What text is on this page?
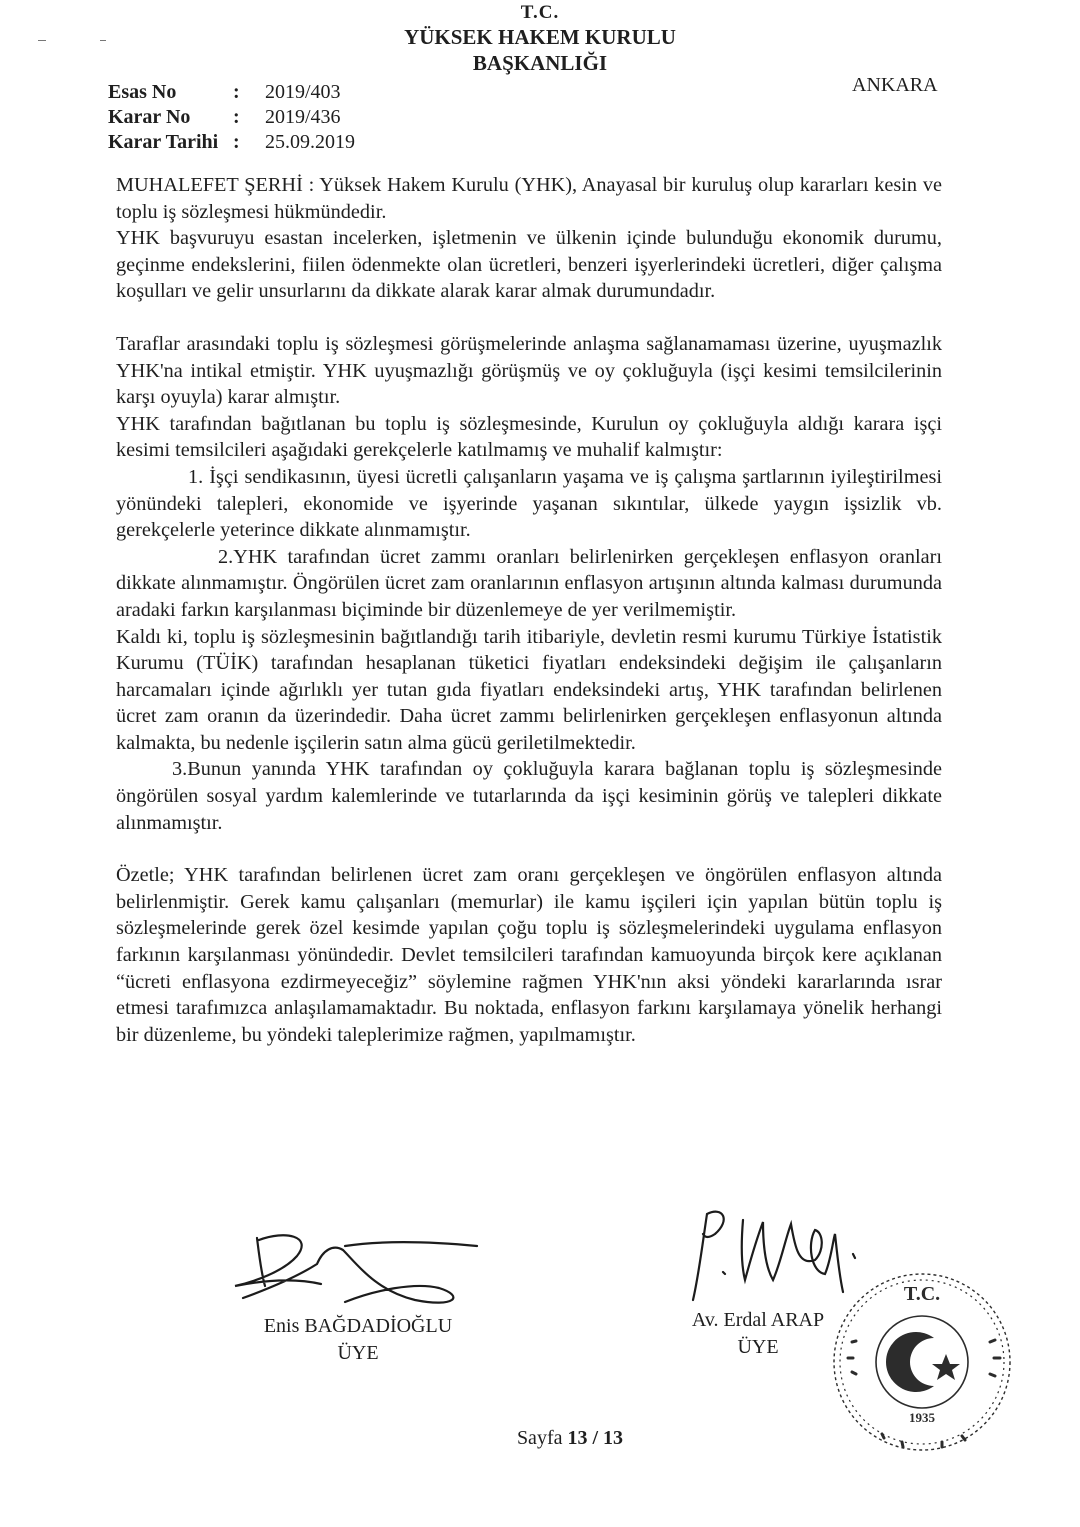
T.C.
YÜKSEK HAKEM KURULU
BAŞKANLIĞI
Esas No	:	2019/403
Karar No	:	2019/436
Karar Tarihi :	25.09.2019
ANKARA

MUHALEFET ŞERHİ : Yüksek Hakem Kurulu (YHK), Anayasal bir kuruluş olup kararları kesin ve toplu iş sözleşmesi hükmündedir.

YHK başvuruyu esastan incelerken, işletmenin ve ülkenin içinde bulunduğu ekonomik durumu, geçinme endekslerini, fiilen ödenmekte olan ücretleri, benzeri işyerlerindeki ücretleri, diğer çalışma koşulları ve gelir unsurlarını da dikkate alarak karar almak durumundadır.

Taraflar arasındaki toplu iş sözleşmesi görüşmelerinde anlaşma sağlanamaması üzerine, uyuşmazlık YHK'na intikal etmiştir. YHK uyuşmazlığı görüşmüş ve oy çokluğuyla (işçi kesimi temsilcilerinin karşı oyuyla) karar almıştır.

YHK tarafından bağıtlanan bu toplu iş sözleşmesinde, Kurulun oy çokluğuyla aldığı karara işçi kesimi temsilcileri aşağıdaki gerekçelerle katılmamış ve muhalif kalmıştır:

1. İşçi sendikasının, üyesi ücretli çalışanların yaşama ve iş çalışma şartlarının iyileştirilmesi yönündeki talepleri, ekonomide ve işyerinde yaşanan sıkıntılar, ülkede yaygın işsizlik vb. gerekçelerle yeterince dikkate alınmamıştır.

2.YHK tarafından ücret zammı oranları belirlenirken gerçekleşen enflasyon oranları dikkate alınmamıştır. Öngörülen ücret zam oranlarının enflasyon artışının altında kalması durumunda aradaki farkın karşılanması biçiminde bir düzenlemeye de yer verilmemiştir.

Kaldı ki, toplu iş sözleşmesinin bağıtlandığı tarih itibariyle, devletin resmi kurumu Türkiye İstatistik Kurumu (TÜİK) tarafından hesaplanan tüketici fiyatları endeksindeki değişim ile çalışanların harcamaları içinde ağırlıklı yer tutan gıda fiyatları endeksindeki artış, YHK tarafından belirlenen ücret zam oranın da üzerindedir. Daha ücret zammı belirlenirken gerçekleşen enflasyonun altında kalmakta, bu nedenle işçilerin satın alma gücü geriletilmektedir.

3.Bunun yanında YHK tarafından oy çokluğuyla karara bağlanan toplu iş sözleşmesinde öngörülen sosyal yardım kalemlerinde ve tutarlarında da işçi kesiminin görüş ve talepleri dikkate alınmamıştır.

Özetle; YHK tarafından belirlenen ücret zam oranı gerçekleşen ve öngörülen enflasyon altında belirlenmiştir. Gerek kamu çalışanları (memurlar) ile kamu işçileri için yapılan bütün toplu iş sözleşmelerinde gerek özel kesimde yapılan çoğu toplu iş sözleşmelerindeki uygulama enflasyon farkının karşılanması yönündedir. Devlet temsilcileri tarafından kamuoyunda birçok kere açıklanan “ücreti enflasyona ezdirmeyeceğiz” söylemine rağmen YHK'nın aksi yöndeki kararlarında ısrar etmesi tarafımızca anlaşılamamaktadır. Bu noktada, enflasyon farkını karşılamaya yönelik herhangi bir düzenleme, bu yöndeki taleplerimize rağmen, yapılmamıştır.

Enis BAĞDADİOĞLU
ÜYE
Av. Erdal ARAP
ÜYE
T.C.
1935
Sayfa 13 / 13
